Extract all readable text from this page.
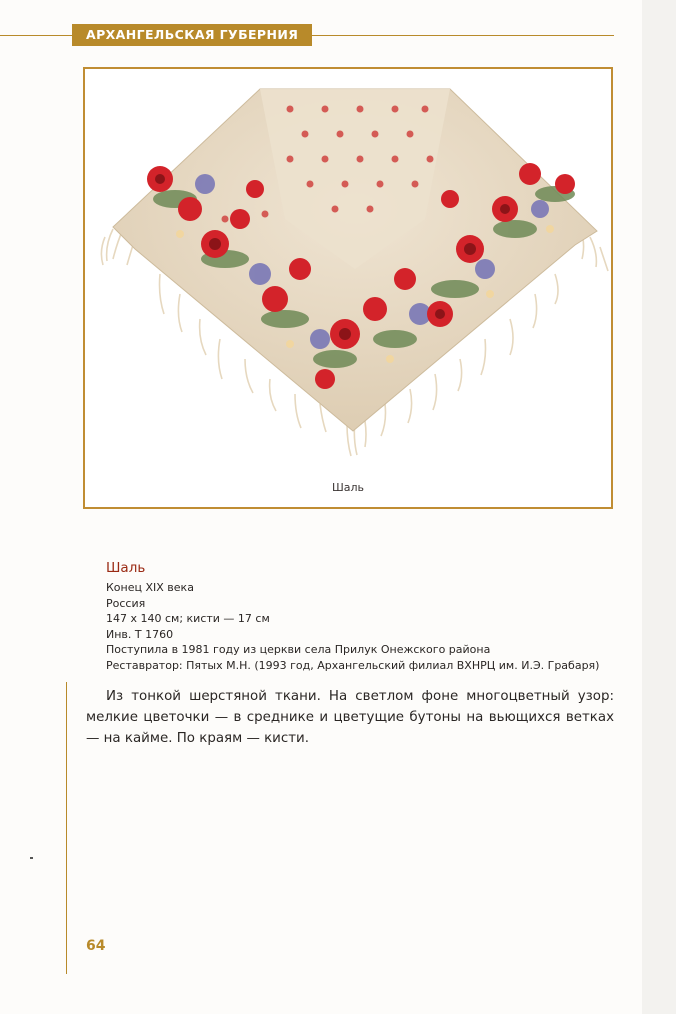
АРХАНГЕЛЬСКАЯ ГУБЕРНИЯ
Шаль
Шаль
Конец XIX века
Россия
147 х 140 см; кисти — 17 см
Инв. Т 1760
Поступила в 1981 году из церкви села Прилук Онежского района
Реставратор: Пятых М.Н. (1993 год, Архангельский филиал ВХНРЦ им. И.Э. Грабаря)

Из тонкой шерстяной ткани. На светлом фоне многоцветный узор: мелкие цветочки — в среднике и цветущие бутоны на вьющихся ветках — на кайме. По краям — кисти.

64
